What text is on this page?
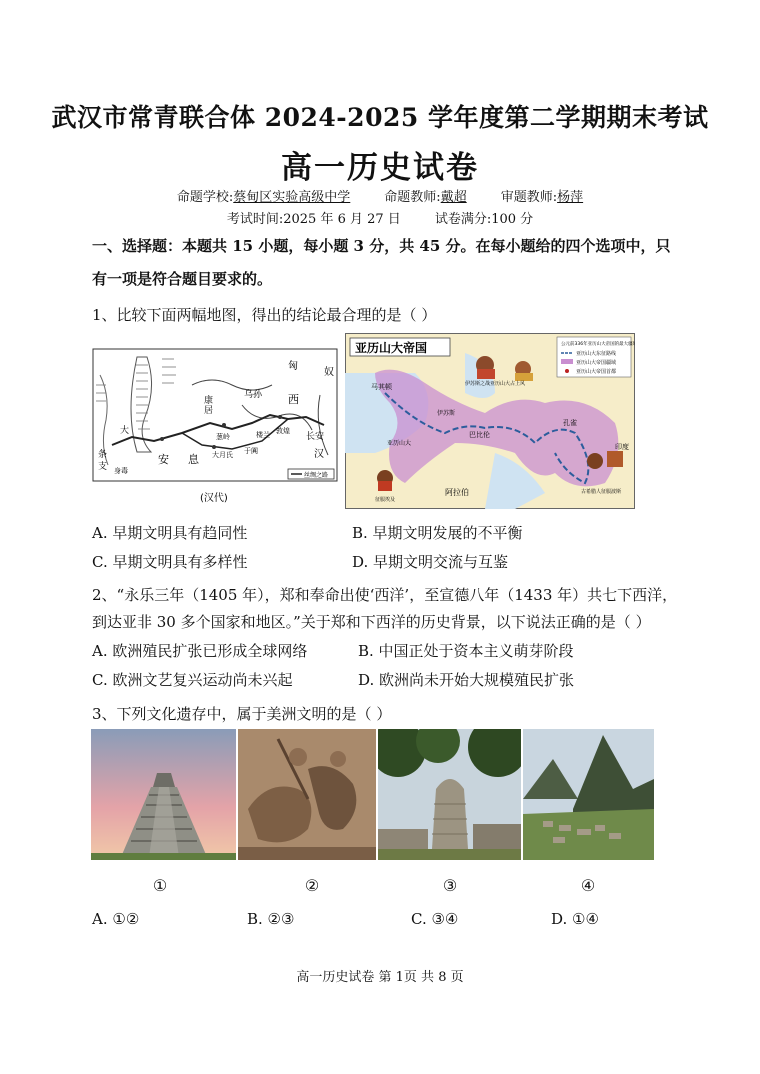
武汉市常青联合体 2024-2025 学年度第二学期期末考试
高一历史试卷
命题学校:蔡甸区实验高级中学	命题教师:戴超	审题教师:杨萍
考试时间:2025 年 6 月 27 日	试卷满分:100 分
一、选择题：本题共 15 小题，每小题 3 分，共 45 分。在每小题给的四个选项中，只
有一项是符合题目要求的。
1、比较下面两幅地图，得出的结论最合理的是（ ）
匈
奴
康
居
乌孙
大
安 息
西
长安
汉
敦煌
楼兰
于阗
葱岭
大月氏
条
支 身毒
丝绸之路
(汉代)
亚历山大帝国	公元前336年亚历山大帝国的最大疆域
亚历山大东征路线
亚历山大帝国疆域
亚历山大帝国首都
马其顿
巴比伦
伊苏斯
亚历山大
孔雀
印度
阿拉伯
伊苏斯之战亚历山大占上风
古希腊人征服波斯
征服埃及
A. 早期文明具有趋同性	B. 早期文明发展的不平衡
C. 早期文明具有多样性	D. 早期文明交流与互鉴
2、“永乐三年（1405 年），郑和奉命出使‘西洋’，至宣德八年（1433 年）共七下西洋，
到达亚非 30 多个国家和地区。”关于郑和下西洋的历史背景，以下说法正确的是（ ）
A. 欧洲殖民扩张已形成全球网络	B. 中国正处于资本主义萌芽阶段
C. 欧洲文艺复兴运动尚未兴起	D. 欧洲尚未开始大规模殖民扩张
3、下列文化遗存中，属于美洲文明的是（ ）
①	②	③	④
A. ①②	B. ②③	C. ③④	D. ①④
高一历史试卷 第 1页 共 8 页
